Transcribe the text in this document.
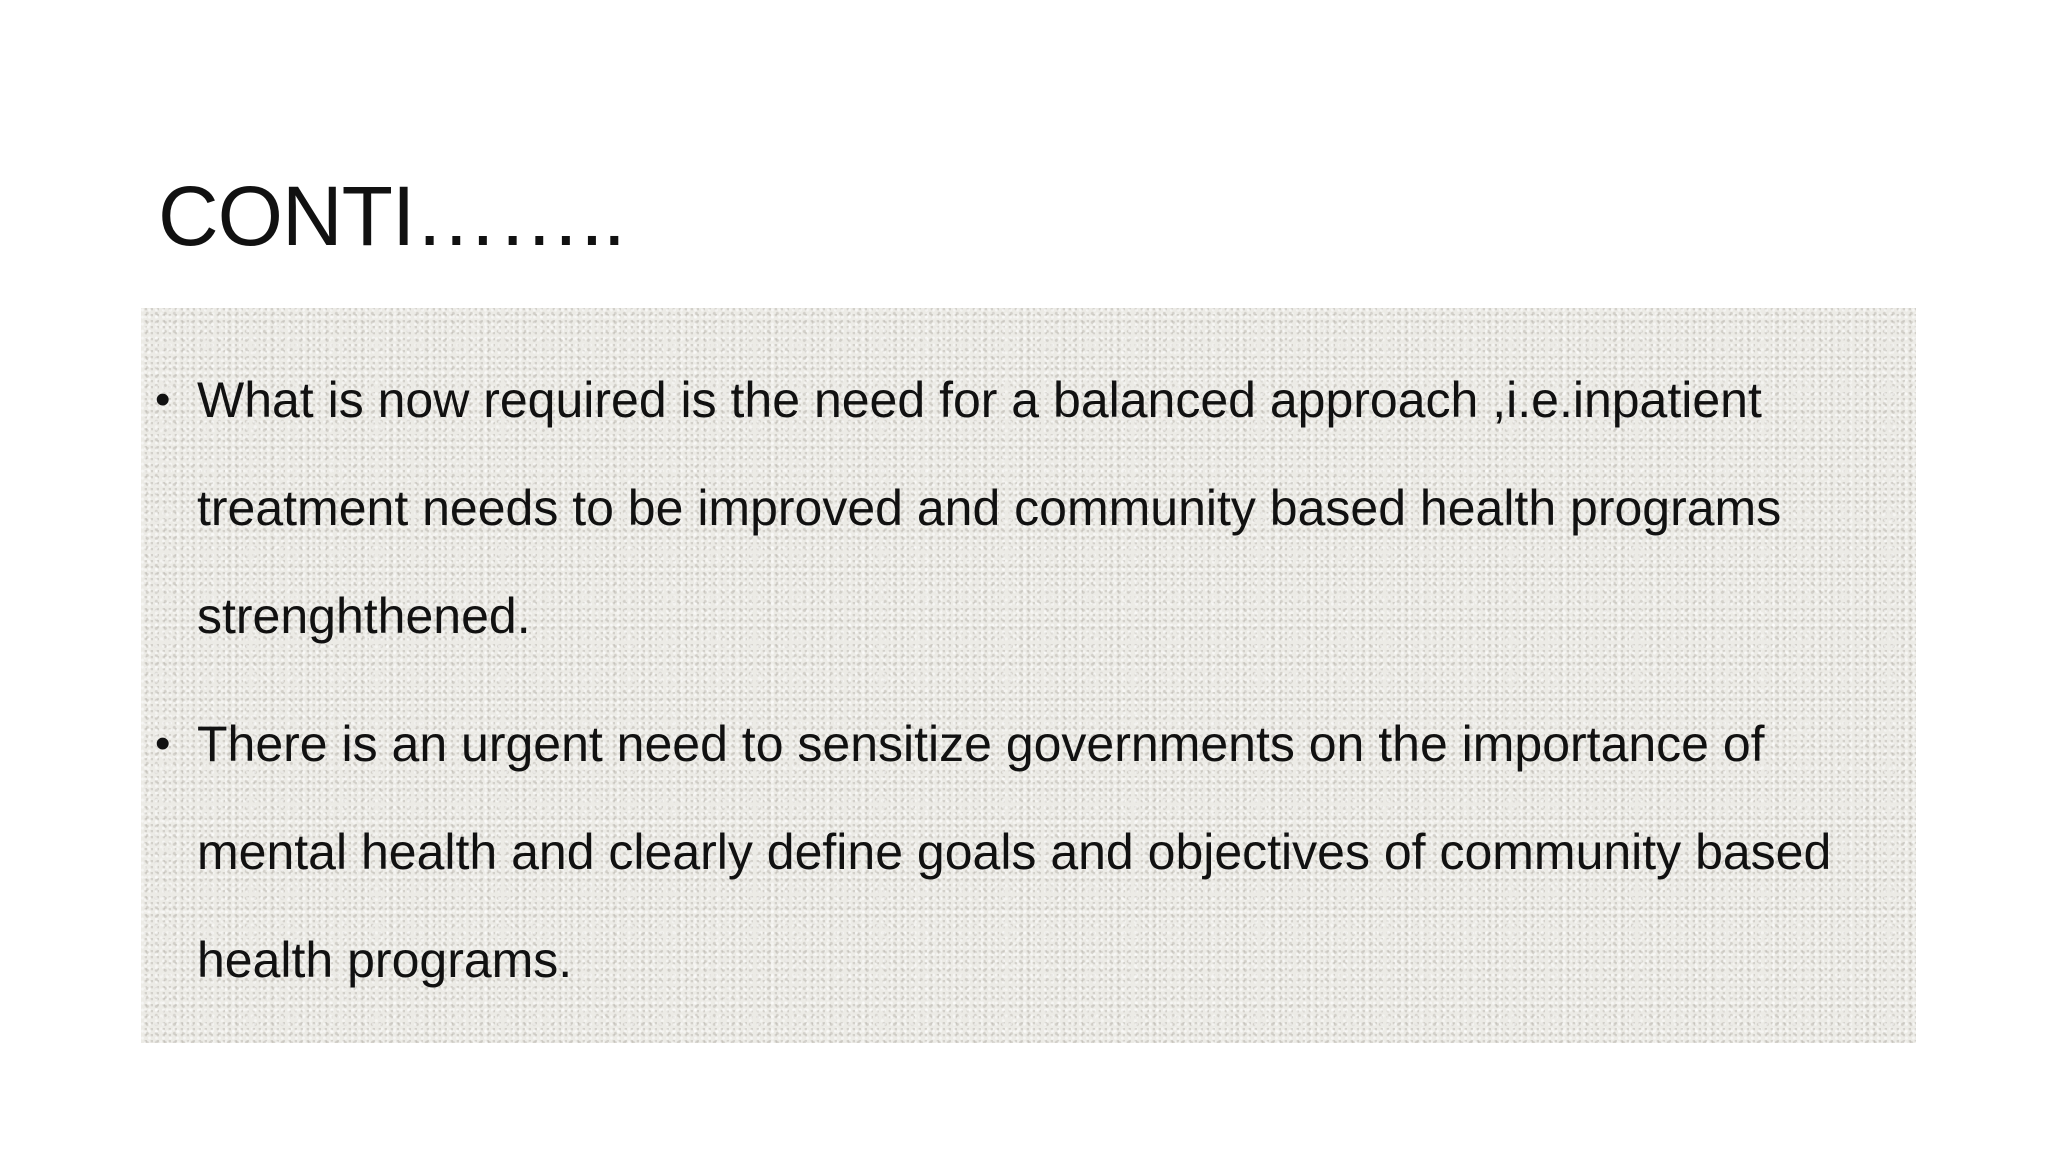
CONTI……..
• What is now required is the need for a balanced approach ,i.e.inpatient treatment needs to be improved and community based health programs strenghthened.
• There is an urgent need to sensitize governments on the importance of mental health and clearly define goals and objectives of community based health programs.
